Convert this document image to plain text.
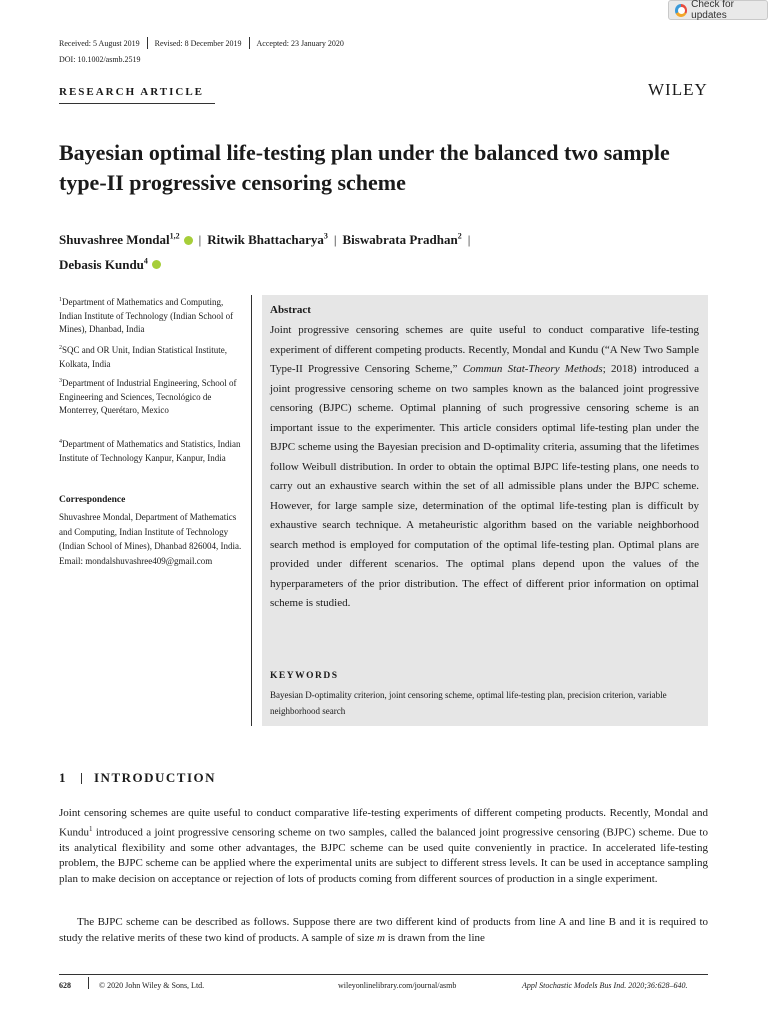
Check for updates
Received: 5 August 2019 Revised: 8 December 2019 Accepted: 23 January 2020
DOI: 10.1002/asmb.2519
RESEARCH ARTICLE	WILEY
Bayesian optimal life-testing plan under the balanced two sample type-II progressive censoring scheme
Shuvashree Mondal$^{1,2}$ | Ritwik Bhattacharya$^3$ | Biswabrata Pradhan$^2$ |
Debasis Kundu$^4$
$^1$Department of Mathematics and Computing, Indian Institute of Technology (Indian School of Mines), Dhanbad, India
$^2$SQC and OR Unit, Indian Statistical Institute, Kolkata, India
$^3$Department of Industrial Engineering, School of Engineering and Sciences, Tecnológico de Monterrey, Querétaro, Mexico
$^4$Department of Mathematics and Statistics, Indian Institute of Technology Kanpur, Kanpur, India
Correspondence
Shuvashree Mondal, Department of Mathematics and Computing, Indian Institute of Technology (Indian School of Mines), Dhanbad 826004, India.
Email: mondalshuvashree409@gmail.com
Abstract
Joint progressive censoring schemes are quite useful to conduct comparative life-testing experiment of different competing products. Recently, Mondal and Kundu (“A New Two Sample Type-II Progressive Censoring Scheme,” Commun Stat-Theory Methods; 2018) introduced a joint progressive censoring scheme on two samples known as the balanced joint progressive censoring (BJPC) scheme. Optimal planning of such progressive censoring scheme is an important issue to the experimenter. This article considers optimal life-testing plan under the BJPC scheme using the Bayesian precision and D-optimality criteria, assuming that the lifetimes follow Weibull distribution. In order to obtain the optimal BJPC life-testing plans, one needs to carry out an exhaustive search within the set of all admissible plans under the BJPC scheme. However, for large sample size, determination of the optimal life-testing plan is difficult by exhaustive search technique. A metaheuristic algorithm based on the variable neighborhood search method is employed for computation of the optimal life-testing plan. Optimal plans are provided under different scenarios. The optimal plans depend upon the values of the hyperparameters of the prior distribution. The effect of different prior information on optimal scheme is studied.
KEYWORDS
Bayesian D-optimality criterion, joint censoring scheme, optimal life-testing plan, precision criterion, variable neighborhood search
1 INTRODUCTION
Joint censoring schemes are quite useful to conduct comparative life-testing experiments of different competing products. Recently, Mondal and Kundu$^1$ introduced a joint progressive censoring scheme on two samples, called the balanced joint progressive censoring (BJPC) scheme. Due to its analytical flexibility and some other advantages, the BJPC scheme can be used quite conveniently in practice. In accelerated life-testing problem, the BJPC scheme can be applied where the experimental units are subject to different stress levels. It can be used in acceptance sampling plan to make decision on acceptance or rejection of lots of products coming from different sources of production in a single experiment.
The BJPC scheme can be described as follows. Suppose there are two different kind of products from line A and line B and it is required to study the relative merits of these two kind of products. A sample of size m is drawn from the line
628	© 2020 John Wiley & Sons, Ltd.	wileyonlinelibrary.com/journal/asmb	Appl Stochastic Models Bus Ind. 2020;36:628–640.
